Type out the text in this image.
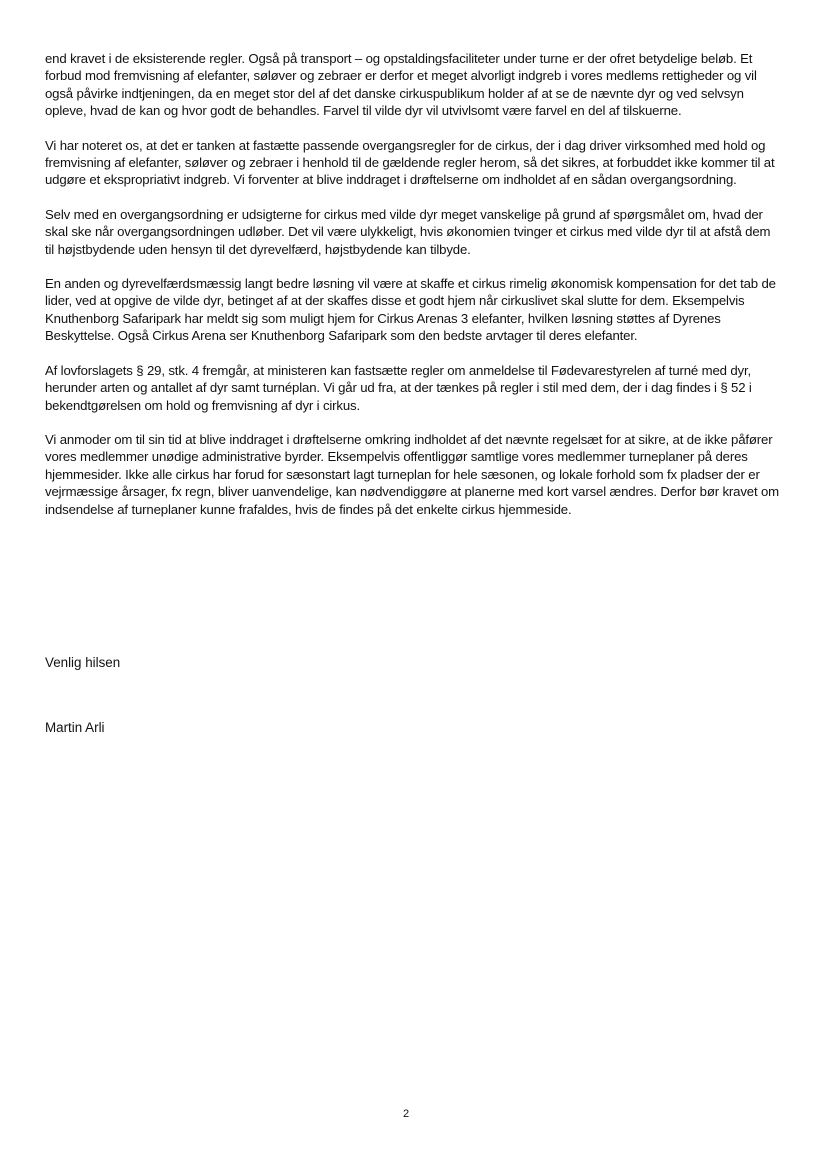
end kravet i de eksisterende regler. Også på transport – og opstaldingsfaciliteter under turne er der ofret betydelige beløb. Et forbud mod fremvisning af elefanter, søløver og zebraer er derfor et meget alvorligt indgreb i vores medlems rettigheder og vil også påvirke indtjeningen, da en meget stor del af det danske cirkuspublikum holder af at se de nævnte dyr og ved selvsyn opleve, hvad de kan og hvor godt de behandles. Farvel til vilde dyr vil utvivlsomt være farvel en del af tilskuerne.

Vi har noteret os, at det er tanken at fastætte passende overgangsregler for de cirkus, der i dag driver virksomhed med hold og fremvisning af elefanter, søløver og zebraer i henhold til de gældende regler herom, så det sikres, at forbuddet ikke kommer til at udgøre et ekspropriativt indgreb. Vi forventer at blive inddraget i drøftelserne om indholdet af en sådan overgangsordning.

Selv med en overgangsordning er udsigterne for cirkus med vilde dyr meget vanskelige på grund af spørgsmålet om, hvad der skal ske når overgangsordningen udløber. Det vil være ulykkeligt, hvis økonomien tvinger et cirkus med vilde dyr til at afstå dem til højstbydende uden hensyn til det dyrevelfærd, højstbydende kan tilbyde.

En anden og dyrevelfærdsmæssig langt bedre løsning vil være at skaffe et cirkus rimelig økonomisk kompensation for det tab de lider, ved at opgive de vilde dyr, betinget af at der skaffes disse et godt hjem når cirkuslivet skal slutte for dem. Eksempelvis Knuthenborg Safaripark har meldt sig som muligt hjem for Cirkus Arenas 3 elefanter, hvilken løsning støttes af Dyrenes Beskyttelse. Også Cirkus Arena ser Knuthenborg Safaripark som den bedste arvtager til deres elefanter.

Af lovforslagets § 29, stk. 4 fremgår, at ministeren kan fastsætte regler om anmeldelse til Fødevarestyrelen af turné med dyr, herunder arten og antallet af dyr samt turnéplan. Vi går ud fra, at der tænkes på regler i stil med dem, der i dag findes i § 52 i bekendtgørelsen om hold og fremvisning af dyr i cirkus.

Vi anmoder om til sin tid at blive inddraget i drøftelserne omkring indholdet af det nævnte regelsæt for at sikre, at de ikke påfører vores medlemmer unødige administrative byrder. Eksempelvis offentliggør samtlige vores medlemmer turneplaner på deres hjemmesider. Ikke alle cirkus har forud for sæsonstart lagt turneplan for hele sæsonen, og lokale forhold som fx pladser der er vejrmæssige årsager, fx regn, bliver uanvendelige, kan nødvendiggøre at planerne med kort varsel ændres. Derfor bør kravet om indsendelse af turneplaner kunne frafaldes, hvis de findes på det enkelte cirkus hjemmeside.

Venlig hilsen

Martin Arli

2
